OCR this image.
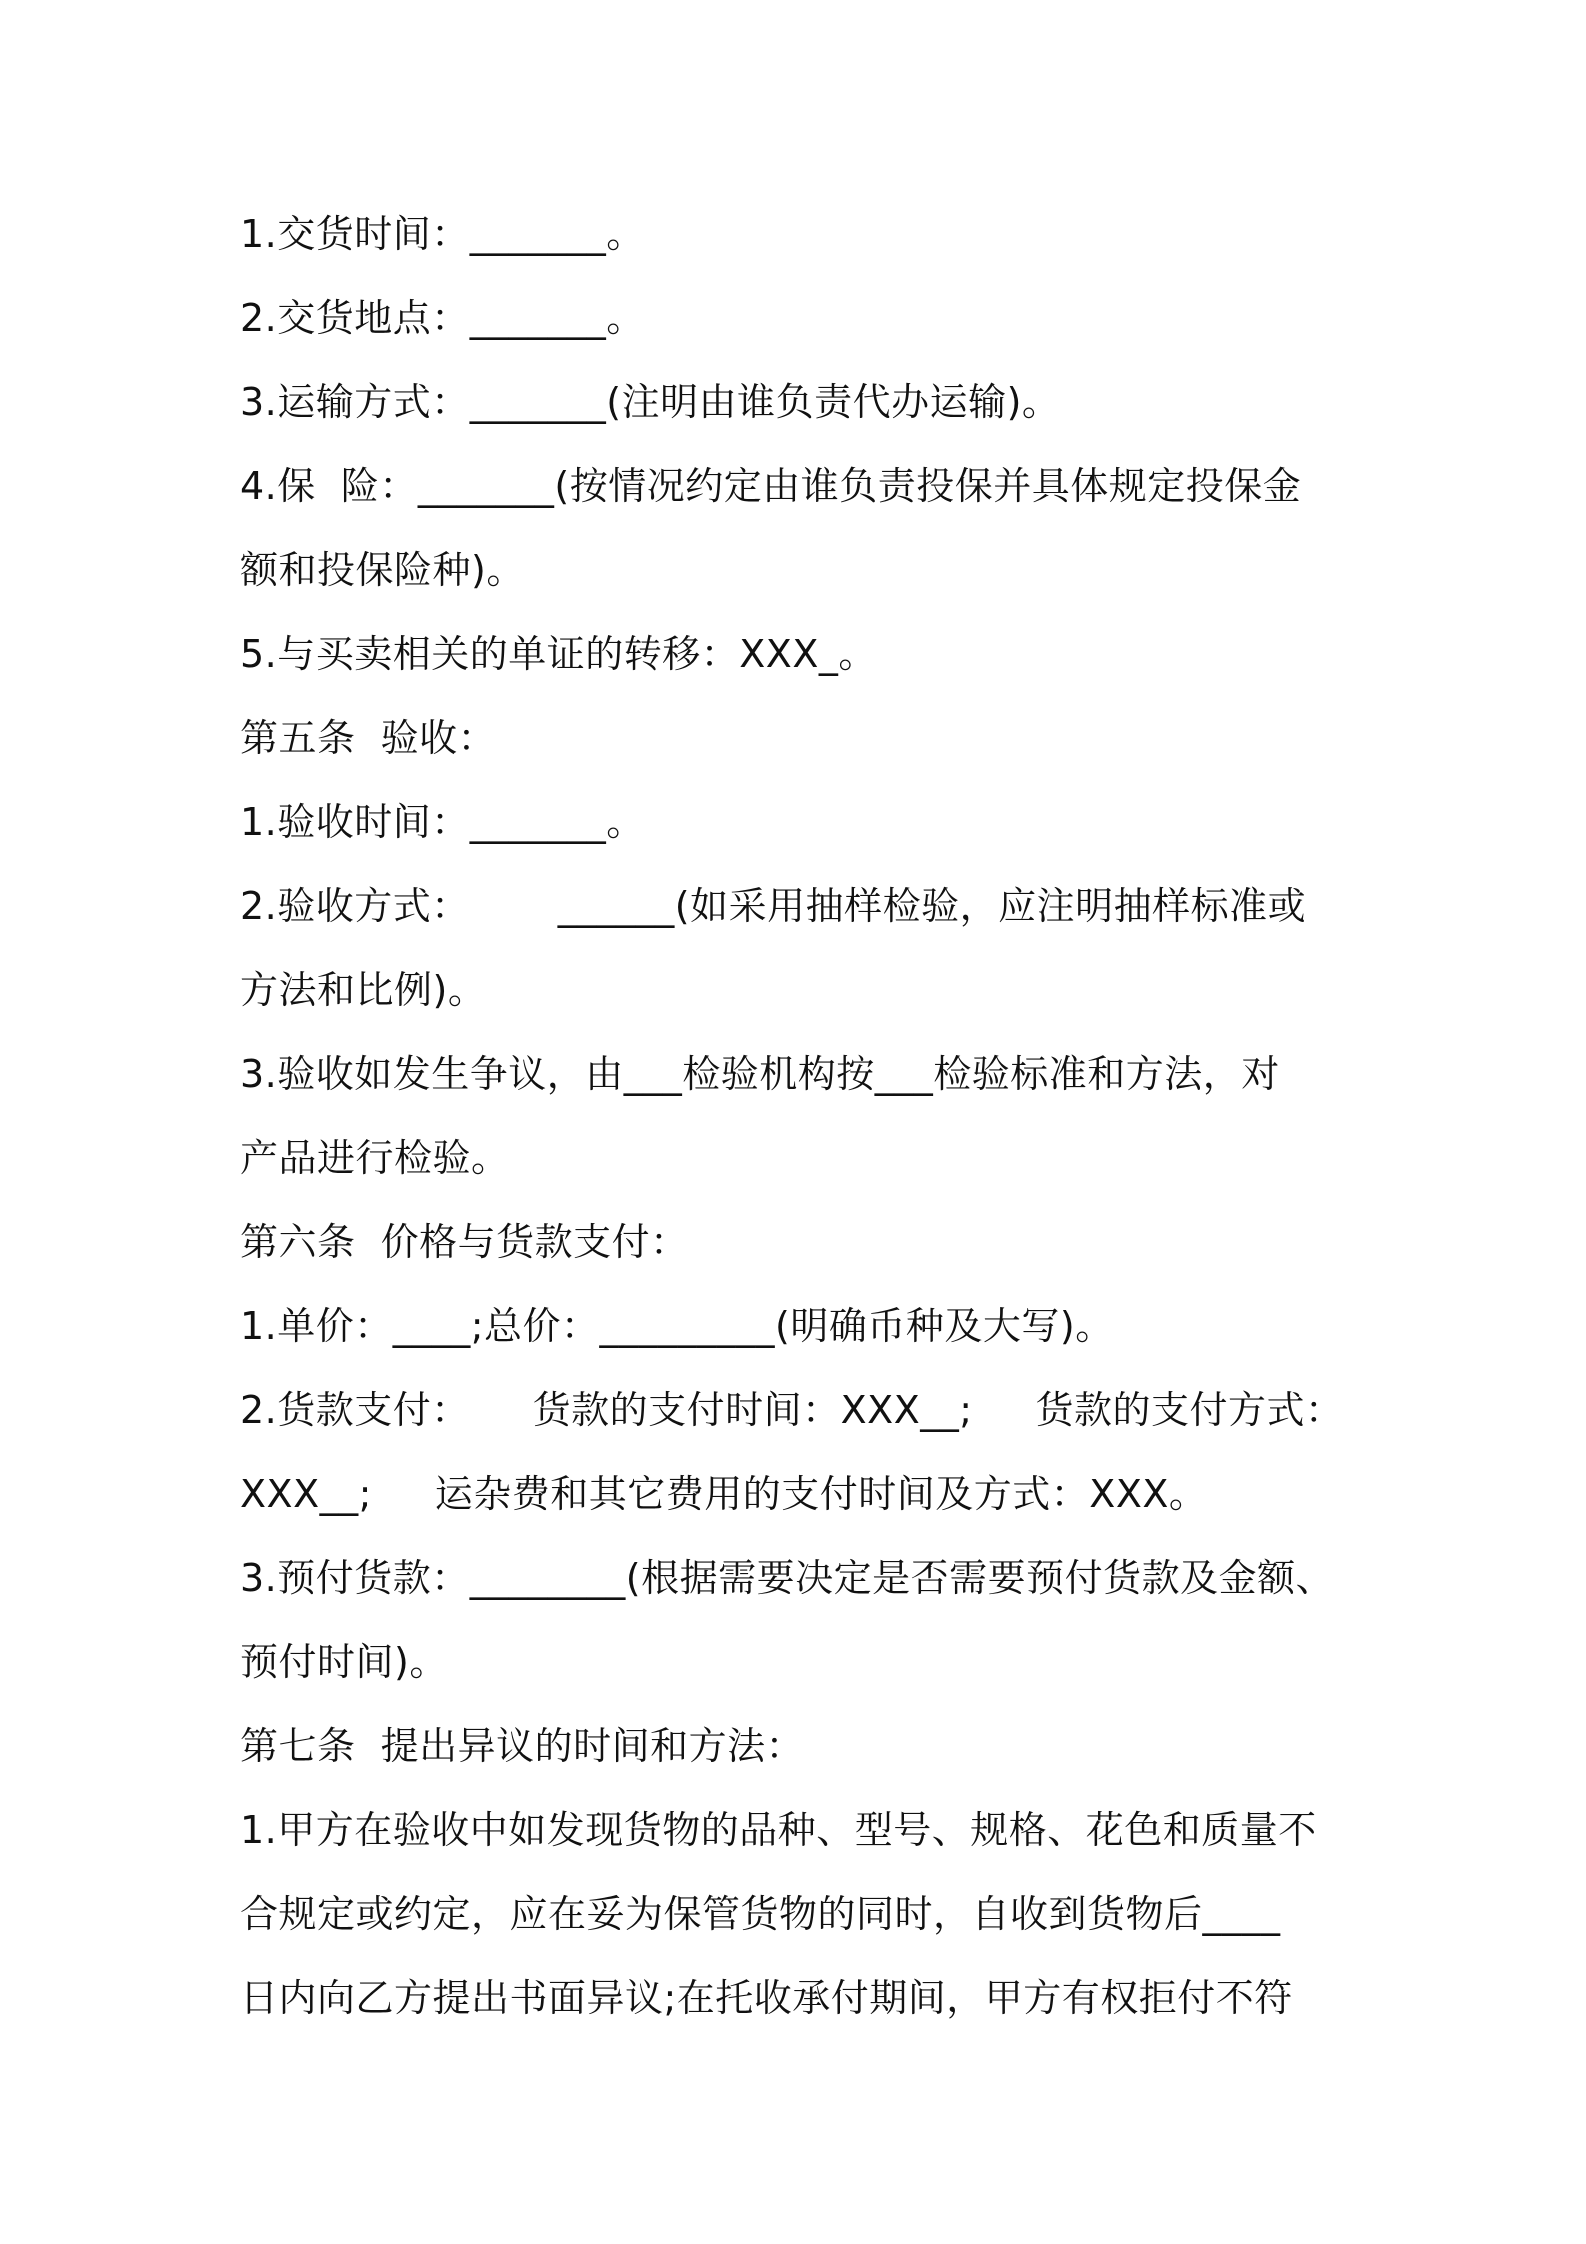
1.交货时间：_______。
2.交货地点：_______。
3.运输方式：_______(注明由谁负责代办运输)。
4.保  险：_______(按情况约定由谁负责投保并具体规定投保金
额和投保险种)。
5.与买卖相关的单证的转移：XXX_。
第五条  验收：
1.验收时间：_______。
2.验收方式：       ______(如采用抽样检验，应注明抽样标准或
方法和比例)。
3.验收如发生争议，由___检验机构按___检验标准和方法，对
产品进行检验。
第六条  价格与货款支付：
1.单价：____;总价：_________(明确币种及大写)。
2.货款支付：     货款的支付时间：XXX__;     货款的支付方式：
XXX__;     运杂费和其它费用的支付时间及方式：XXX。
3.预付货款：________(根据需要决定是否需要预付货款及金额、
预付时间)。
第七条  提出异议的时间和方法：
1.甲方在验收中如发现货物的品种、型号、规格、花色和质量不
合规定或约定，应在妥为保管货物的同时，自收到货物后____
日内向乙方提出书面异议;在托收承付期间，甲方有权拒付不符
